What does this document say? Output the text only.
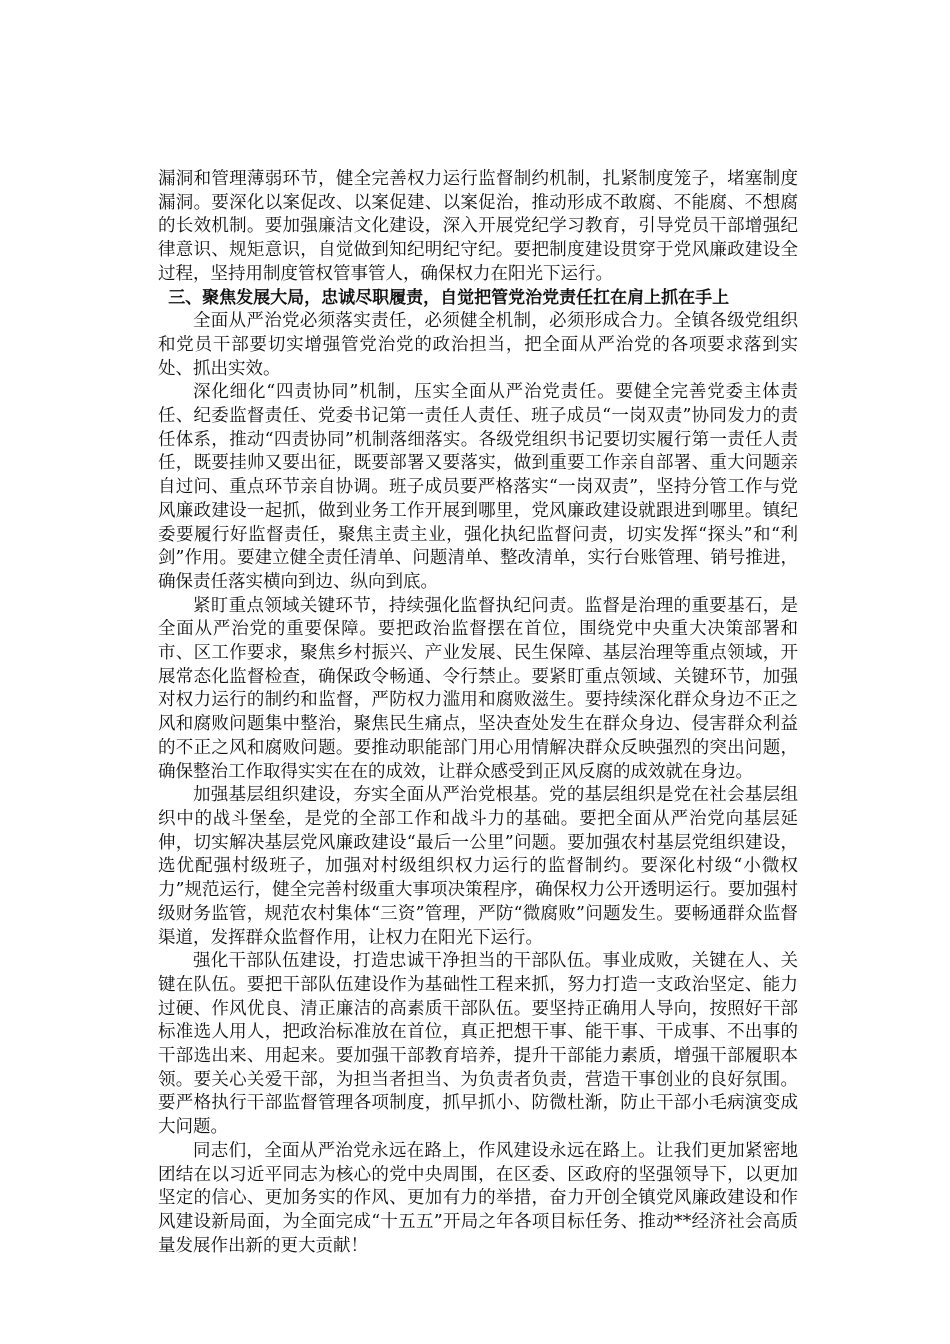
漏洞和管理薄弱环节，健全完善权力运行监督制约机制，扎紧制度笼子，堵塞制度漏洞。要深化以案促改、以案促建、以案促治，推动形成不敢腐、不能腐、不想腐的长效机制。要加强廉洁文化建设，深入开展党纪学习教育，引导党员干部增强纪律意识、规矩意识，自觉做到知纪明纪守纪。要把制度建设贯穿于党风廉政建设全过程，坚持用制度管权管事管人，确保权力在阳光下运行。

三、聚焦发展大局，忠诚尽职履责，自觉把管党治党责任扛在肩上抓在手上

全面从严治党必须落实责任，必须健全机制，必须形成合力。全镇各级党组织和党员干部要切实增强管党治党的政治担当，把全面从严治党的各项要求落到实处、抓出实效。

深化细化“四责协同”机制，压实全面从严治党责任。要健全完善党委主体责任、纪委监督责任、党委书记第一责任人责任、班子成员“一岗双责”协同发力的责任体系，推动“四责协同”机制落细落实。各级党组织书记要切实履行第一责任人责任，既要挂帅又要出征，既要部署又要落实，做到重要工作亲自部署、重大问题亲自过问、重点环节亲自协调。班子成员要严格落实“一岗双责”，坚持分管工作与党风廉政建设一起抓，做到业务工作开展到哪里，党风廉政建设就跟进到哪里。镇纪委要履行好监督责任，聚焦主责主业，强化执纪监督问责，切实发挥“探头”和“利剑”作用。要建立健全责任清单、问题清单、整改清单，实行台账管理、销号推进，确保责任落实横向到边、纵向到底。

紧盯重点领域关键环节，持续强化监督执纪问责。监督是治理的重要基石，是全面从严治党的重要保障。要把政治监督摆在首位，围绕党中央重大决策部署和市、区工作要求，聚焦乡村振兴、产业发展、民生保障、基层治理等重点领域，开展常态化监督检查，确保政令畅通、令行禁止。要紧盯重点领域、关键环节，加强对权力运行的制约和监督，严防权力滥用和腐败滋生。要持续深化群众身边不正之风和腐败问题集中整治，聚焦民生痛点，坚决查处发生在群众身边、侵害群众利益的不正之风和腐败问题。要推动职能部门用心用情解决群众反映强烈的突出问题，确保整治工作取得实实在在的成效，让群众感受到正风反腐的成效就在身边。

加强基层组织建设，夯实全面从严治党根基。党的基层组织是党在社会基层组织中的战斗堡垒，是党的全部工作和战斗力的基础。要把全面从严治党向基层延伸，切实解决基层党风廉政建设“最后一公里”问题。要加强农村基层党组织建设，选优配强村级班子，加强对村级组织权力运行的监督制约。要深化村级“小微权力”规范运行，健全完善村级重大事项决策程序，确保权力公开透明运行。要加强村级财务监管，规范农村集体“三资”管理，严防“微腐败”问题发生。要畅通群众监督渠道，发挥群众监督作用，让权力在阳光下运行。

强化干部队伍建设，打造忠诚干净担当的干部队伍。事业成败，关键在人、关键在队伍。要把干部队伍建设作为基础性工程来抓，努力打造一支政治坚定、能力过硬、作风优良、清正廉洁的高素质干部队伍。要坚持正确用人导向，按照好干部标准选人用人，把政治标准放在首位，真正把想干事、能干事、干成事、不出事的干部选出来、用起来。要加强干部教育培养，提升干部能力素质，增强干部履职本领。要关心关爱干部，为担当者担当、为负责者负责，营造干事创业的良好氛围。要严格执行干部监督管理各项制度，抓早抓小、防微杜渐，防止干部小毛病演变成大问题。

同志们，全面从严治党永远在路上，作风建设永远在路上。让我们更加紧密地团结在以习近平同志为核心的党中央周围，在区委、区政府的坚强领导下，以更加坚定的信心、更加务实的作风、更加有力的举措，奋力开创全镇党风廉政建设和作风建设新局面，为全面完成“十五五”开局之年各项目标任务、推动**经济社会高质量发展作出新的更大贡献！
